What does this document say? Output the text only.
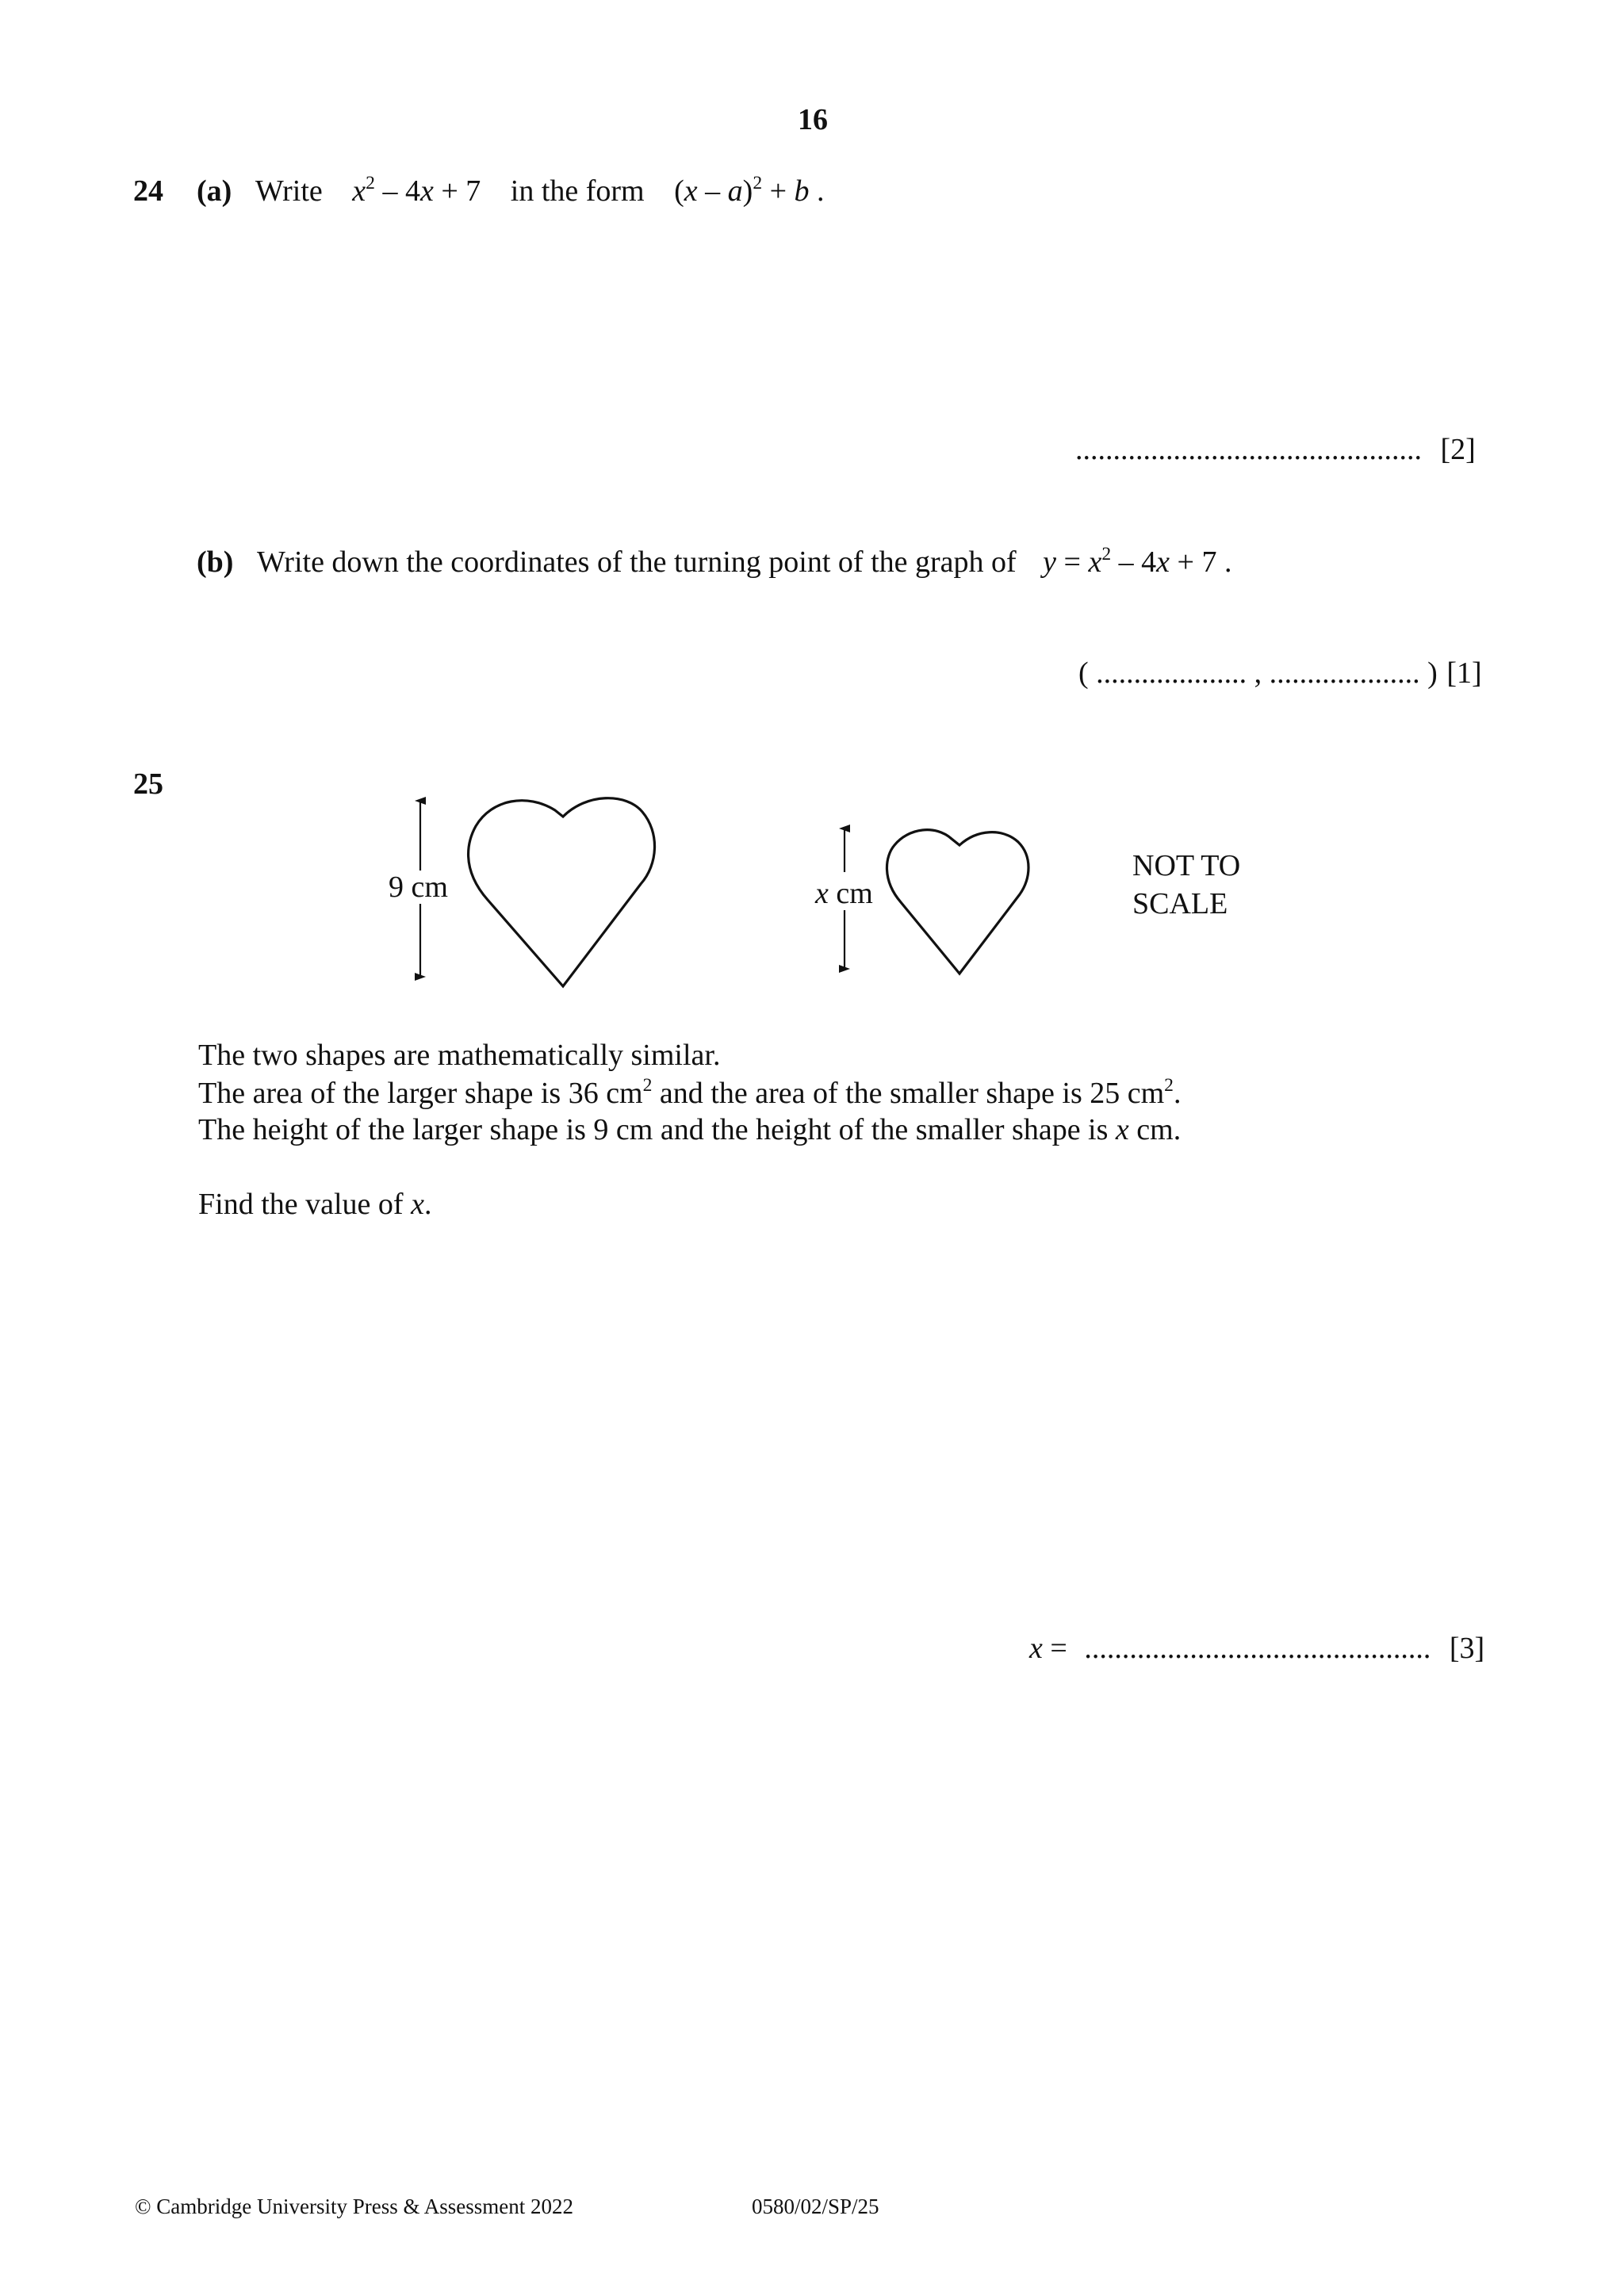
16
24 (a) Write $x^2 - 4x + 7$ in the form (x – a)$^2$ + b .
.............................................. [2]
(b) Write down the coordinates of the turning point of the graph of $y = x^2 - 4x + 7$ .
( .................... , .................... ) [1]
25
9 cm	x cm
NOT TO
SCALE
The two shapes are mathematically similar.
The area of the larger shape is 36 $cm^2$ and the area of the smaller shape is 25 $cm^2$.
The height of the larger shape is 9 cm and the height of the smaller shape is x cm.
Find the value of x.
x = .............................................. [3]
© Cambridge University Press & Assessment 2022	0580/02/SP/25
